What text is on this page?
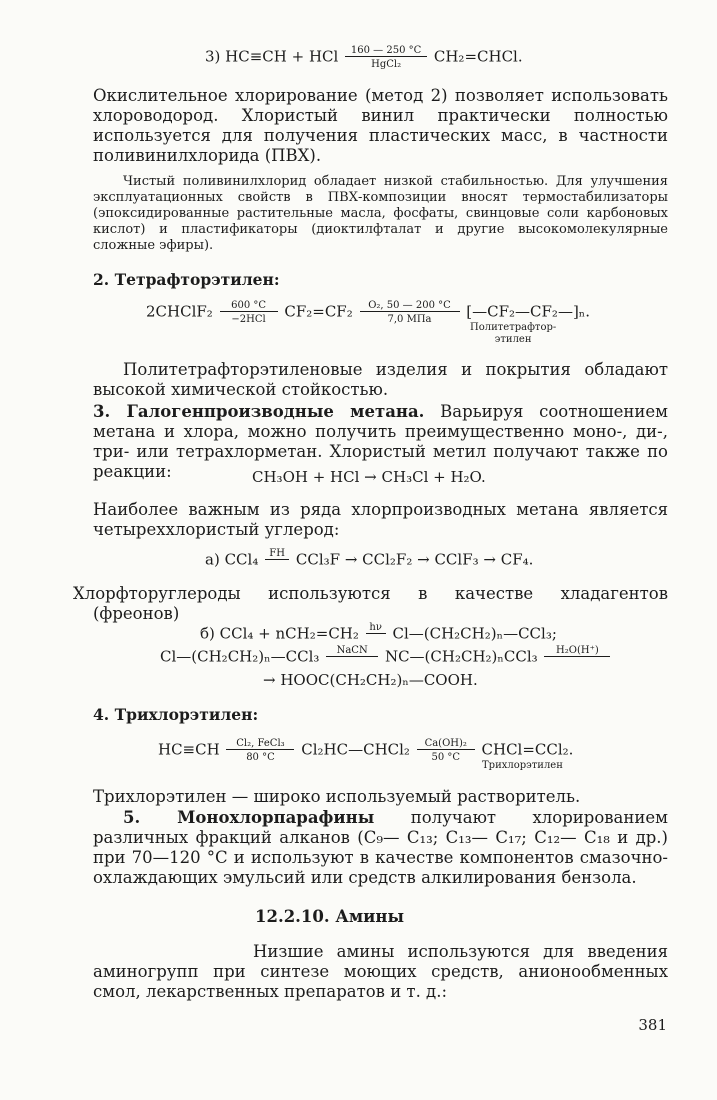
3) HC≡CH + HCl $\frac{160 — 250 ^\circ C}{\text{HgCl₂}}$ CH₂=CHCl.
Окислительное хлорирование (метод 2) позволяет использовать хлороводород. Хлористый винил практически полностью используется для получения пластических масс, в частности поливинилхлорида (ПВХ).
Чистый поливинилхлорид обладает низкой стабильностью. Для улучшения эксплуатационных свойств в ПВХ-композиции вносят термостабилизаторы (эпоксидированные растительные масла, фосфаты, свинцовые соли карбоновых кислот) и пластификаторы (диоктилфталат и другие высокомолекулярные сложные эфиры).
2. Тетрафторэтилен:
2CHClF₂ $\frac{600 ^\circ C}{\text{−2HCl}} CF_2=CF_2 \frac{\text{O₂, 50 — 200 °C}}{\text{7,0 МПа}}$ [—CF₂—CF₂—]ₙ.
Политетрафтор-
этилен
Политетрафторэтиленовые изделия и покрытия обладают высокой химической стойкостью.
3. Галогенпроизводные метана. Варьируя соотношением метана и хлора, можно получить преимущественно моно-, ди-, три- или тетрахлорметан. Хлористый метил получают также по реакции:	CH₃OH + HCl → CH₃Cl + H₂O.
Наиболее важным из ряда хлорпроизводных метана является четыреххлористый углерод:
а) CCl₄	FH
CCl₃F → CCl₂F₂ → CClF₃ → CF₄.
Хлорфторуглероды используются в качестве хладагентов (фреонов)
б) CCl₄ + nCH₂=CH₂	hν
Cl—(CH₂CH₂)ₙ—CCl₃;
Cl—(CH₂CH₂)ₙ—CCl₃	NaCN
	NC—(CH₂CH₂)ₙCCl₃	H₂O(H⁺)

→ HOOC(CH₂CH₂)ₙ—COOH.
4. Трихлорэтилен:
$HC\equiv CH \frac{\text{Cl₂, FeCl₃}}{80 ^\circ C}$ Cl₂HC—CHCl₂ $\frac{\text{Ca(OH)₂}}{50 ^\circ C}$ CHCl=CCl₂.
Трихлорэтилен
Трихлорэтилен — широко используемый растворитель.
5. Монохлорпарафины получают хлорированием различных фракций алканов (C₉— C₁₃; C₁₃— C₁₇; C₁₂— C₁₈ и др.) при 70—120 °C и используют в качестве компонентов смазочно-охлаждающих эмульсий или средств алкилирования бензола.
12.2.10. Амины
Низшие амины используются для введения аминогрупп при синтезе моющих средств, анионообменных смол, лекарственных препаратов и т. д.:
381
